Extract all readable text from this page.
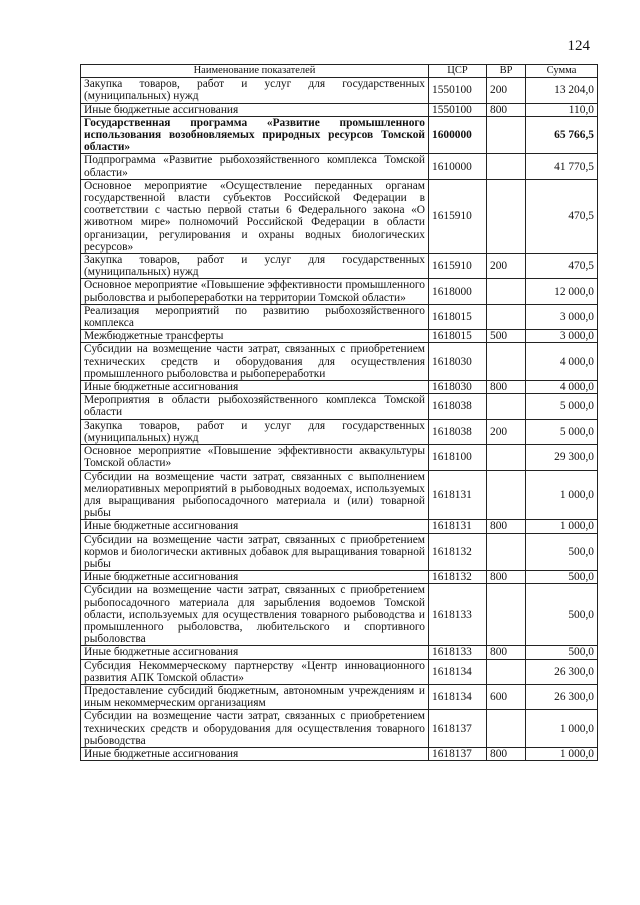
124
Наименование показателей	ЦСР	ВР	Сумма
Закупка товаров, работ и услуг для государственных (муниципальных) нужд	1550100	200	13 204,0
Иные бюджетные ассигнования	1550100	800	110,0
Государственная программа «Развитие промышленного использования возобновляемых природных ресурсов Томской области»	1600000		65 766,5
Подпрограмма «Развитие рыбохозяйственного комплекса Томской области»	1610000		41 770,5
Основное мероприятие «Осуществление переданных органам государственной власти субъектов Российской Федерации в соответствии с частью первой статьи 6 Федерального закона «О животном мире» полномочий Российской Федерации в области организации, регулирования и охраны водных биологических ресурсов»	1615910		470,5
Закупка товаров, работ и услуг для государственных (муниципальных) нужд	1615910	200	470,5
Основное мероприятие «Повышение эффективности промышленного рыболовства и рыбопереработки на территории Томской области»	1618000		12 000,0
Реализация мероприятий по развитию рыбохозяйственного комплекса	1618015		3 000,0
Межбюджетные трансферты	1618015	500	3 000,0
Субсидии на возмещение части затрат, связанных с приобретением технических средств и оборудования для осуществления промышленного рыболовства и рыбопереработки	1618030		4 000,0
Иные бюджетные ассигнования	1618030	800	4 000,0
Мероприятия в области рыбохозяйственного комплекса Томской области	1618038		5 000,0
Закупка товаров, работ и услуг для государственных (муниципальных) нужд	1618038	200	5 000,0
Основное мероприятие «Повышение эффективности аквакультуры Томской области»	1618100		29 300,0
Субсидии на возмещение части затрат, связанных с выполнением мелиоративных мероприятий в рыбоводных водоемах, используемых для выращивания рыбопосадочного материала и (или) товарной рыбы	1618131		1 000,0
Иные бюджетные ассигнования	1618131	800	1 000,0
Субсидии на возмещение части затрат, связанных с приобретением кормов и биологически активных добавок для выращивания товарной рыбы	1618132		500,0
Иные бюджетные ассигнования	1618132	800	500,0
Субсидии на возмещение части затрат, связанных с приобретением рыбопосадочного материала для зарыбления водоемов Томской области, используемых для осуществления товарного рыбоводства и промышленного рыболовства, любительского и спортивного рыболовства	1618133		500,0
Иные бюджетные ассигнования	1618133	800	500,0
Субсидия Некоммерческому партнерству «Центр инновационного развития АПК Томской области»	1618134		26 300,0
Предоставление субсидий бюджетным, автономным учреждениям и иным некоммерческим организациям	1618134	600	26 300,0
Субсидии на возмещение части затрат, связанных с приобретением технических средств и оборудования для осуществления товарного рыбоводства	1618137		1 000,0
Иные бюджетные ассигнования	1618137	800	1 000,0
